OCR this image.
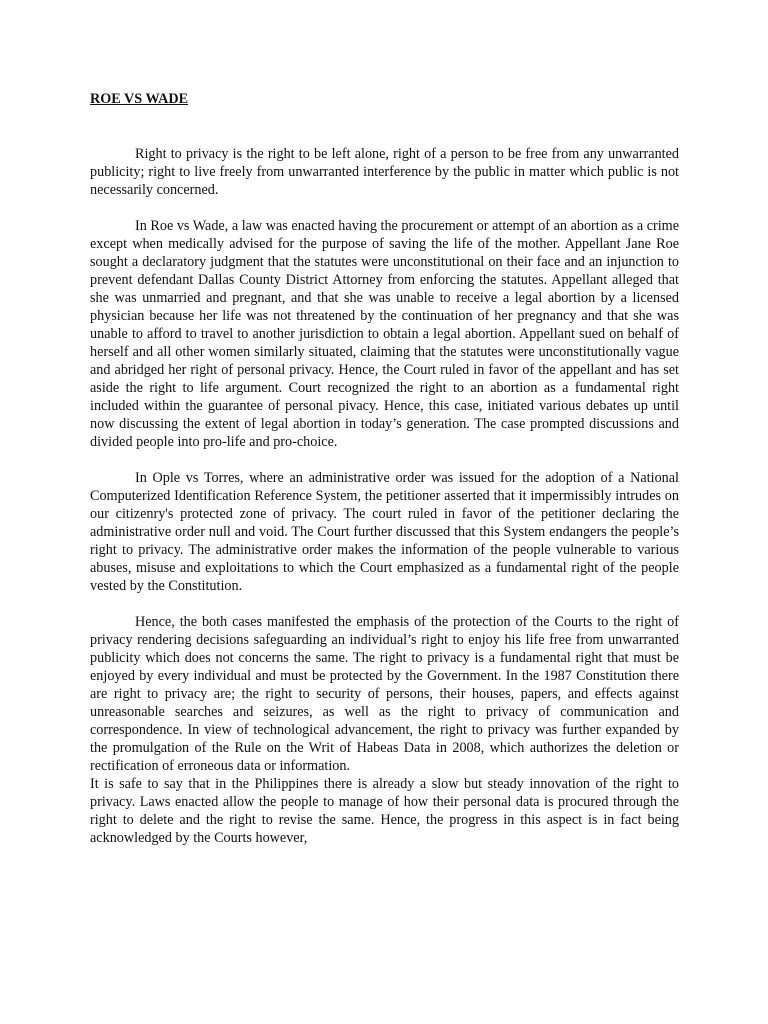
ROE VS WADE

Right to privacy is the right to be left alone, right of a person to be free from any unwarranted publicity; right to live freely from unwarranted interference by the public in matter which public is not necessarily concerned.

In Roe vs Wade, a law was enacted having the procurement or attempt of an abortion as a crime except when medically advised for the purpose of saving the life of the mother. Appellant Jane Roe sought a declaratory judgment that the statutes were unconstitutional on their face and an injunction to prevent defendant Dallas County District Attorney from enforcing the statutes. Appellant alleged that she was unmarried and pregnant, and that she was unable to receive a legal abortion by a licensed physician because her life was not threatened by the continuation of her pregnancy and that she was unable to afford to travel to another jurisdiction to obtain a legal abortion. Appellant sued on behalf of herself and all other women similarly situated, claiming that the statutes were unconstitutionally vague and abridged her right of personal privacy. Hence, the Court ruled in favor of the appellant and has set aside the right to life argument. Court recognized the right to an abortion as a fundamental right included within the guarantee of personal pivacy. Hence, this case, initiated various debates up until now discussing the extent of legal abortion in today’s generation. The case prompted discussions and divided people into pro-life and pro-choice.

In Ople vs Torres, where an administrative order was issued for the adoption of a National Computerized Identification Reference System, the petitioner asserted that it impermissibly intrudes on our citizenry's protected zone of privacy. The court ruled in favor of the petitioner declaring the administrative order null and void. The Court further discussed that this System endangers the people’s right to privacy. The administrative order makes the information of the people vulnerable to various abuses, misuse and exploitations to which the Court emphasized as a fundamental right of the people vested by the Constitution.

Hence, the both cases manifested the emphasis of the protection of the Courts to the right of privacy rendering decisions safeguarding an individual’s right to enjoy his life free from unwarranted publicity which does not concerns the same. The right to privacy is a fundamental right that must be enjoyed by every individual and must be protected by the Government. In the 1987 Constitution there are right to privacy are; the right to security of persons, their houses, papers, and effects against unreasonable searches and seizures, as well as the right to privacy of communication and correspondence. In view of technological advancement, the right to privacy was further expanded by the promulgation of the Rule on the Writ of Habeas Data in 2008, which authorizes the deletion or rectification of erroneous data or information.

It is safe to say that in the Philippines there is already a slow but steady innovation of the right to privacy. Laws enacted allow the people to manage of how their personal data is procured through the right to delete and the right to revise the same. Hence, the progress in this aspect is in fact being acknowledged by the Courts however,
